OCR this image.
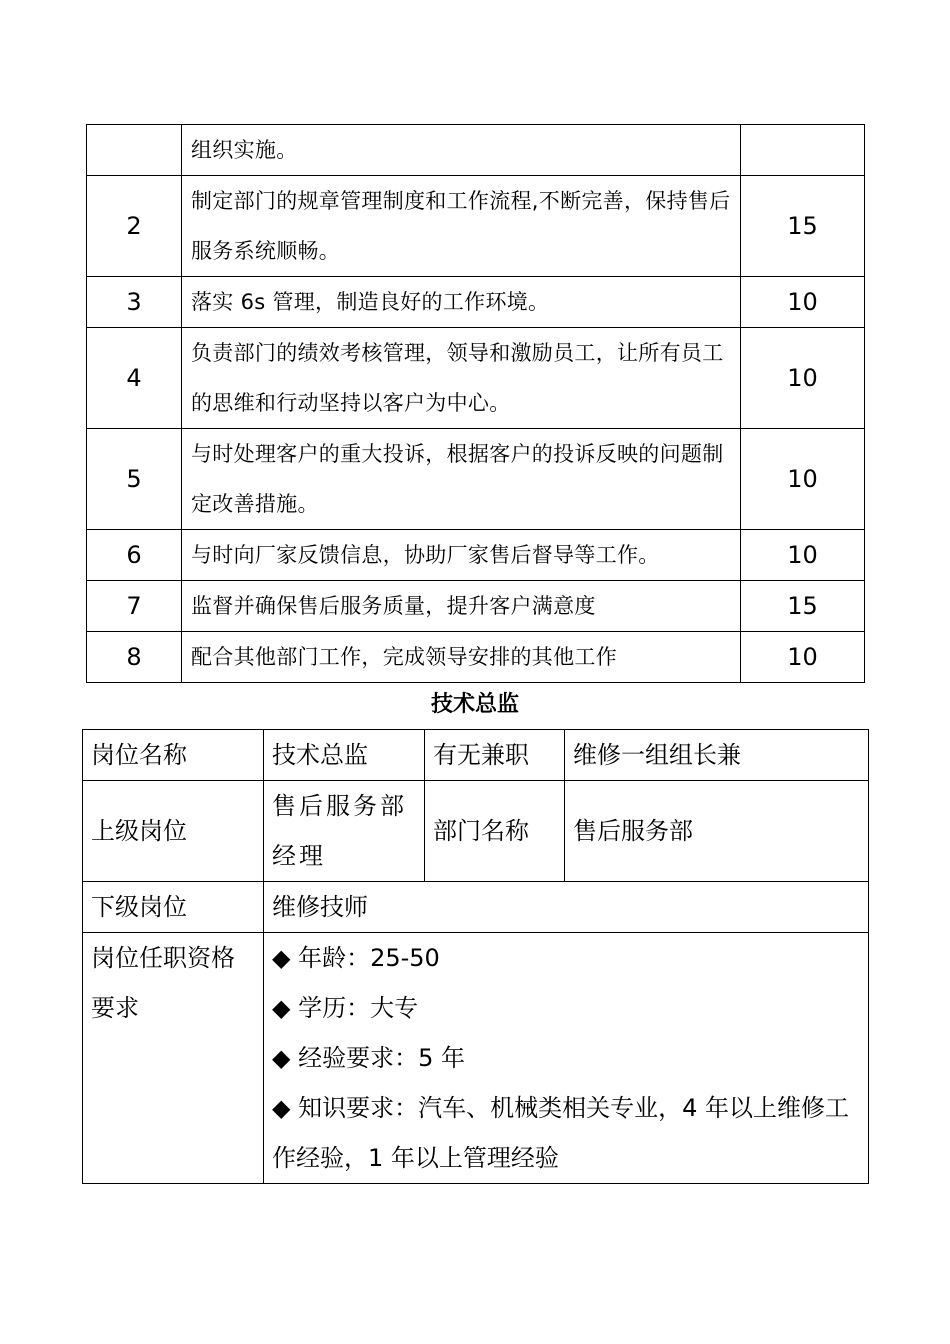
	组织实施。	
2	制定部门的规章管理制度和工作流程,不断完善，保持售后服务系统顺畅。	15
3	落实 6s 管理，制造良好的工作环境。	10
4	负责部门的绩效考核管理，领导和激励员工，让所有员工的思维和行动坚持以客户为中心。	10
5	与时处理客户的重大投诉，根据客户的投诉反映的问题制定改善措施。	10
6	与时向厂家反馈信息，协助厂家售后督导等工作。	10
7	监督并确保售后服务质量，提升客户满意度	15
8	配合其他部门工作，完成领导安排的其他工作	10
技术总监
岗位名称	技术总监	有无兼职	维修一组组长兼
上级岗位	售后服务部经理	部门名称	售后服务部
下级岗位	维修技师		
岗位任职资格要求	◆ 年龄：25-50
◆ 学历：大专
◆ 经验要求：5 年
◆ 知识要求：汽车、机械类相关专业，4 年以上维修工作经验，1 年以上管理经验		
